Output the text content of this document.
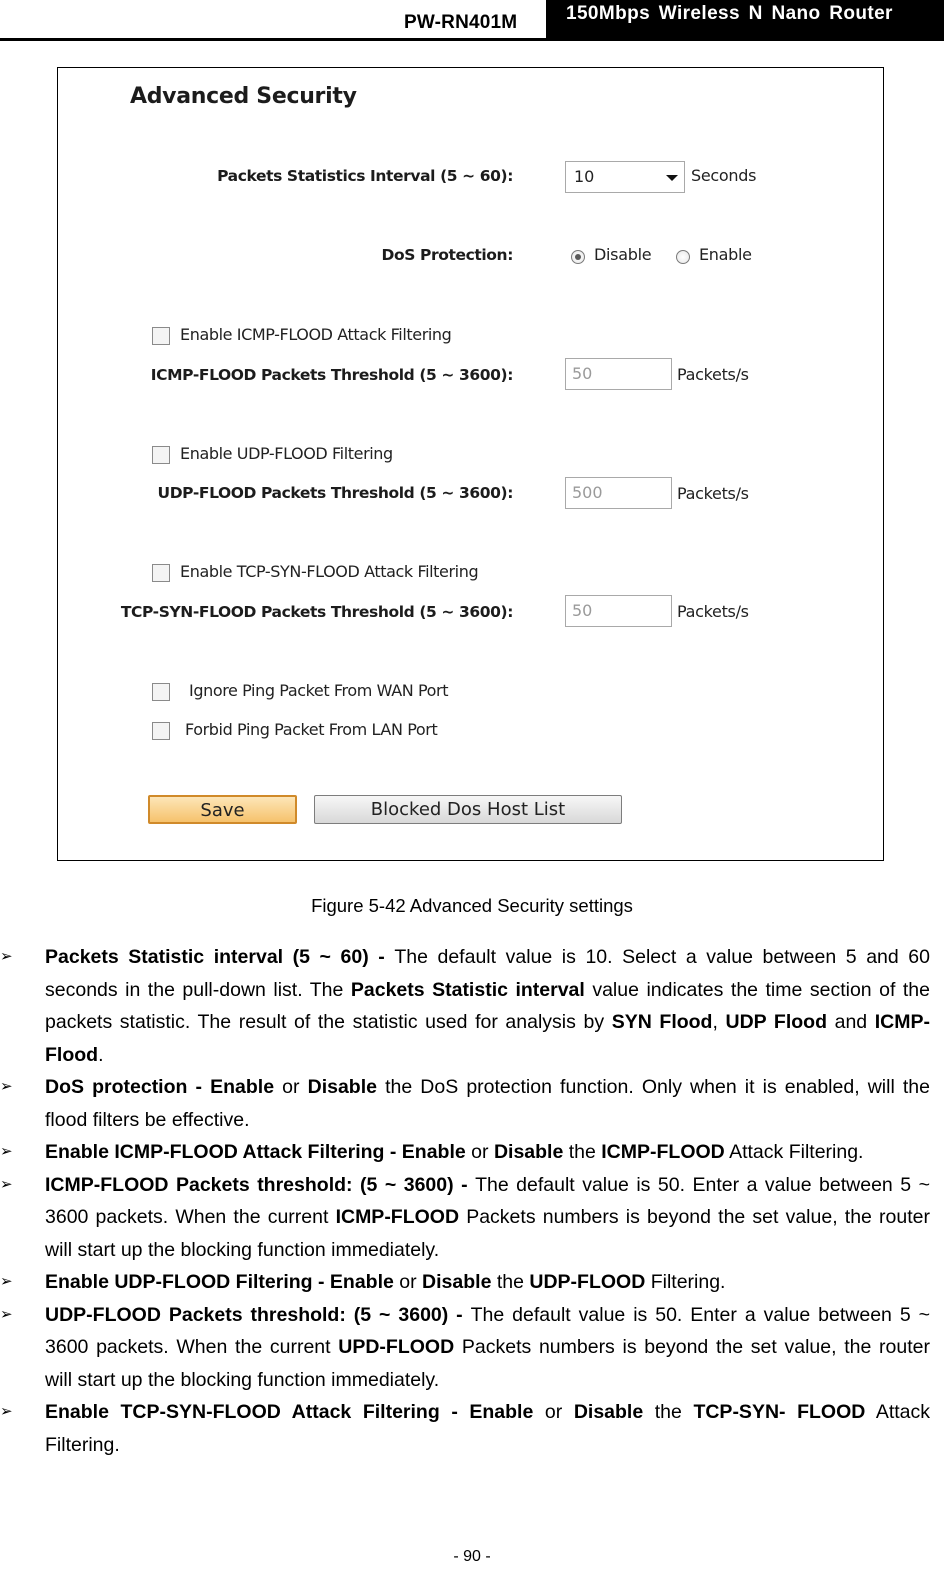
PW-RN401M	150Mbps Wireless N Nano Router
Advanced Security
Packets Statistics Interval (5 ~ 60):	10	Seconds
DoS Protection:	Disable	Enable
Enable ICMP-FLOOD Attack Filtering
ICMP-FLOOD Packets Threshold (5 ~ 3600):	50	Packets/s
Enable UDP-FLOOD Filtering
UDP-FLOOD Packets Threshold (5 ~ 3600):	500	Packets/s
Enable TCP-SYN-FLOOD Attack Filtering
TCP-SYN-FLOOD Packets Threshold (5 ~ 3600):	50	Packets/s
Ignore Ping Packet From WAN Port
Forbid Ping Packet From LAN Port
Save	Blocked Dos Host List
Figure 5-42 Advanced Security settings
➢ Packets Statistic interval (5 ~ 60) - The default value is 10. Select a value between 5 and 60 seconds in the pull-down list. The Packets Statistic interval value indicates the time section of the packets statistic. The result of the statistic used for analysis by SYN Flood, UDP Flood and ICMP-Flood.

➢ DoS protection - Enable or Disable the DoS protection function. Only when it is enabled, will the flood filters be effective.

➢ Enable ICMP-FLOOD Attack Filtering - Enable or Disable the ICMP-FLOOD Attack Filtering.

➢ ICMP-FLOOD Packets threshold: (5 ~ 3600) - The default value is 50. Enter a value between 5 ~ 3600 packets. When the current ICMP-FLOOD Packets numbers is beyond the set value, the router will start up the blocking function immediately.

➢ Enable UDP-FLOOD Filtering - Enable or Disable the UDP-FLOOD Filtering.

➢ UDP-FLOOD Packets threshold: (5 ~ 3600) - The default value is 50. Enter a value between 5 ~ 3600 packets. When the current UPD-FLOOD Packets numbers is beyond the set value, the router will start up the blocking function immediately.

➢ Enable TCP-SYN-FLOOD Attack Filtering - Enable or Disable the TCP-SYN- FLOOD Attack Filtering.

- 90 -
